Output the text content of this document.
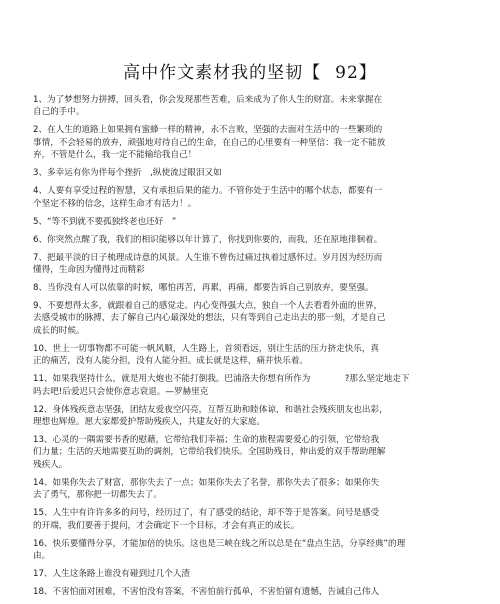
高中作文素材我的坚韧【 92】
1、为了梦想努力拼搏，回头看，你会发现那些苦难，后来成为了你人生的财富。未来掌握在
自己的手中。
2、在人生的道路上如果拥有蜜蜂一样的精神，永不言败，坚强的去面对生活中的一些繁琐的
事情，不会轻易的放弃，顽强地对待自己的生命，在自己的心里要有一种坚信：我一定不能放
弃，不管是什么，我一定不能输给我自己！
3、多幸运有你为伴每个挫折　,纵使流过眼泪又如
4、人要有享受过程的智慧，又有承担后果的能力。不管你处于生活中的哪个状态，都要有一
个坚定不移的信念，这样生命才有活力！。
5、“等不到就不要孤独终老也还好　”
6、你突然点醒了我，我们的相识能够以年计算了，你找到你要的，而我，还在原地徘徊着。
7、把最平淡的日子梳理成诗意的风景。人生谁不曾伤过痛过执着过感怀过。岁月因为经历而
懂得，生命因为懂得过而精彩
8、当你没有人可以依靠的时候，哪怕再苦，再累，再痛，都要告诉自己别放弃，要坚强。
9、不要想得太多，就跟着自己的感觉走。内心变得强大点，独自一个人去看看外面的世界，
去感受城市的脉搏，去了解自己内心最深处的想法，只有等到自己走出去的那一刻，才是自己
成长的时候。
10、世上一切事物都不可能一帆风顺，人生路上，首须看远，别让生活的压力挤走快乐，真
正的痛苦，没有人能分担，没有人能分担。成长就是这样，痛并快乐着。
11、如果我坚持什么，就是用大炮也不能打倒我。巴浦洛夫你想有所作为　　　　?那么坚定地走下
吗去吧!后爱迟只会使你意志衰退。—罗赫里克
12、身体残疾意志坚强，团结友爱夜空闪亮，互帮互助和睦体谅，和谐社会残疾朋友也出彩，
理想也辉煌。愿大家都爱护帮助残疾人，共建友好的大家庭。
13、心灵的一隅需要书香的慰藉，它带给我们幸福；生命的旅程需要爱心的引领，它带给我
们力量；生活的天地需要互助的调剂，它带给我们快乐。全国助残日，伸出爱的双手帮助理解
残疾人。
14、如果你失去了财富，那你失去了一点；如果你失去了名誉，那你失去了很多；如果你失
去了勇气，那你把一切都失去了。
15、人生中有许许多多的问号，经历过了，有了感受的结论，却不等于是答案。问号是感受
的开端，我们要善于提问，才会确定下一个目标，才会有真正的成长。
16、快乐要懂得分享，才能加倍的快乐。这也是三峡在线之所以总是在“盘点生活，分享经典”的理
由。
17、人生这条路上谁没有碰到过几个人渣
18、不害怕面对困难，不害怕没有答案，不害怕前行孤单，不害怕留有遗憾，告诫自己伟人
